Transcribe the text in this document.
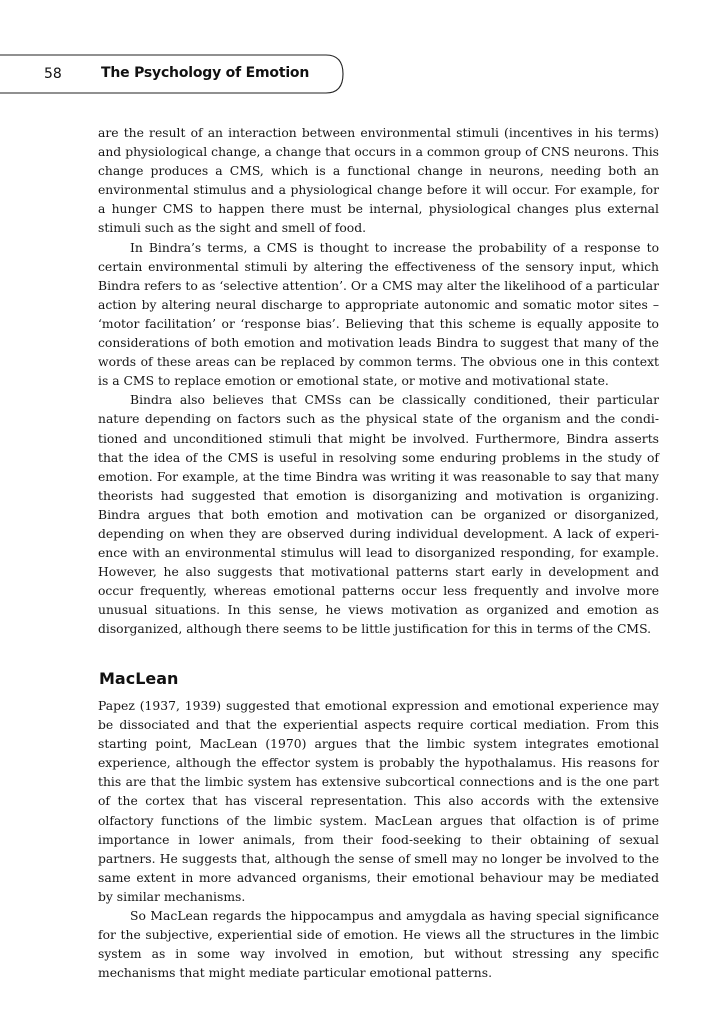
58	The Psychology of Emotion

are the result of an interaction between environmental stimuli (incentives in his terms) and physiological change, a change that occurs in a common group of CNS neurons. This change produces a CMS, which is a functional change in neurons, needing both an environmental stimulus and a physiological change before it will occur. For example, for a hunger CMS to happen there must be internal, physiological changes plus external stimuli such as the sight and smell of food.

In Bindra’s terms, a CMS is thought to increase the probability of a response to certain environmental stimuli by altering the effectiveness of the sensory input, which Bindra refers to as ‘selective attention’. Or a CMS may alter the likelihood of a particular action by altering neural discharge to appropriate autonomic and somatic motor sites – ‘motor facilitation’ or ‘response bias’. Believing that this scheme is equally apposite to considerations of both emotion and motivation leads Bindra to suggest that many of the words of these areas can be replaced by common terms. The obvious one in this context is a CMS to replace emotion or emotional state, or motive and motivational state.

Bindra also believes that CMSs can be classically conditioned, their particular nature depending on factors such as the physical state of the organism and the conditioned and unconditioned stimuli that might be involved. Furthermore, Bindra asserts that the idea of the CMS is useful in resolving some enduring problems in the study of emotion. For example, at the time Bindra was writing it was reasonable to say that many theorists had suggested that emotion is disorganizing and motivation is organizing. Bindra argues that both emotion and motivation can be organized or disorganized, depending on when they are observed during individual development. A lack of experience with an environmental stimulus will lead to disorganized responding, for example. However, he also suggests that motivational patterns start early in development and occur frequently, whereas emotional patterns occur less frequently and involve more unusual situations. In this sense, he views motivation as organized and emotion as disorganized, although there seems to be little justification for this in terms of the CMS.

MacLean

Papez (1937, 1939) suggested that emotional expression and emotional experience may be dissociated and that the experiential aspects require cortical mediation. From this starting point, MacLean (1970) argues that the limbic system integrates emotional experience, although the effector system is probably the hypothalamus. His reasons for this are that the limbic system has extensive subcortical connections and is the one part of the cortex that has visceral representation. This also accords with the extensive olfactory functions of the limbic system. MacLean argues that olfaction is of prime importance in lower animals, from their food-seeking to their obtaining of sexual partners. He suggests that, although the sense of smell may no longer be involved to the same extent in more advanced organisms, their emotional behaviour may be mediated by similar mechanisms.

So MacLean regards the hippocampus and amygdala as having special significance for the subjective, experiential side of emotion. He views all the structures in the limbic system as in some way involved in emotion, but without stressing any specific mechanisms that might mediate particular emotional patterns.
